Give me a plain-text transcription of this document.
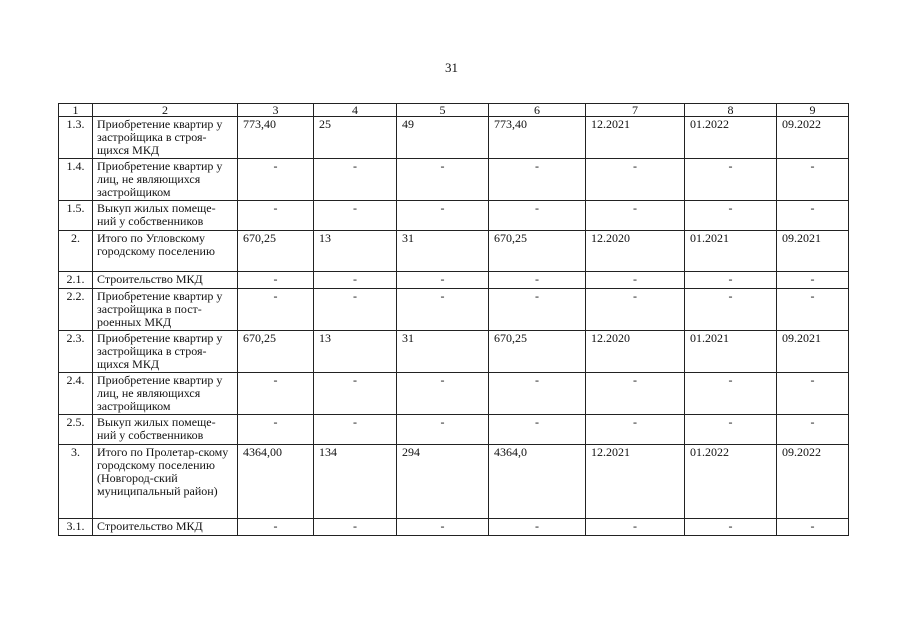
31
1	2	3	4	5	6	7	8	9
1.3.	Приобретение квартир у застройщика в строя-щихся МКД	773,40	25	49	773,40	12.2021	01.2022	09.2022
1.4.	Приобретение квартир у лиц, не являющихся застройщиком	-	-	-	-	-	-	-
1.5.	Выкуп жилых помеще-ний у собственников	-	-	-	-	-	-	-
2.	Итого по Угловскому городскому поселению	670,25	13	31	670,25	12.2020	01.2021	09.2021
2.1.	Строительство МКД	-	-	-	-	-	-	-
2.2.	Приобретение квартир у застройщика в пост-роенных МКД	-	-	-	-	-	-	-
2.3.	Приобретение квартир у застройщика в строя-щихся МКД	670,25	13	31	670,25	12.2020	01.2021	09.2021
2.4.	Приобретение квартир у лиц, не являющихся застройщиком	-	-	-	-	-	-	-
2.5.	Выкуп жилых помеще-ний у собственников	-	-	-	-	-	-	-
3.	Итого по Пролетар-скому городскому поселению (Новгород-ский муниципальный район)	4364,00	134	294	4364,0	12.2021	01.2022	09.2022
3.1.	Строительство МКД	-	-	-	-	-	-	-
